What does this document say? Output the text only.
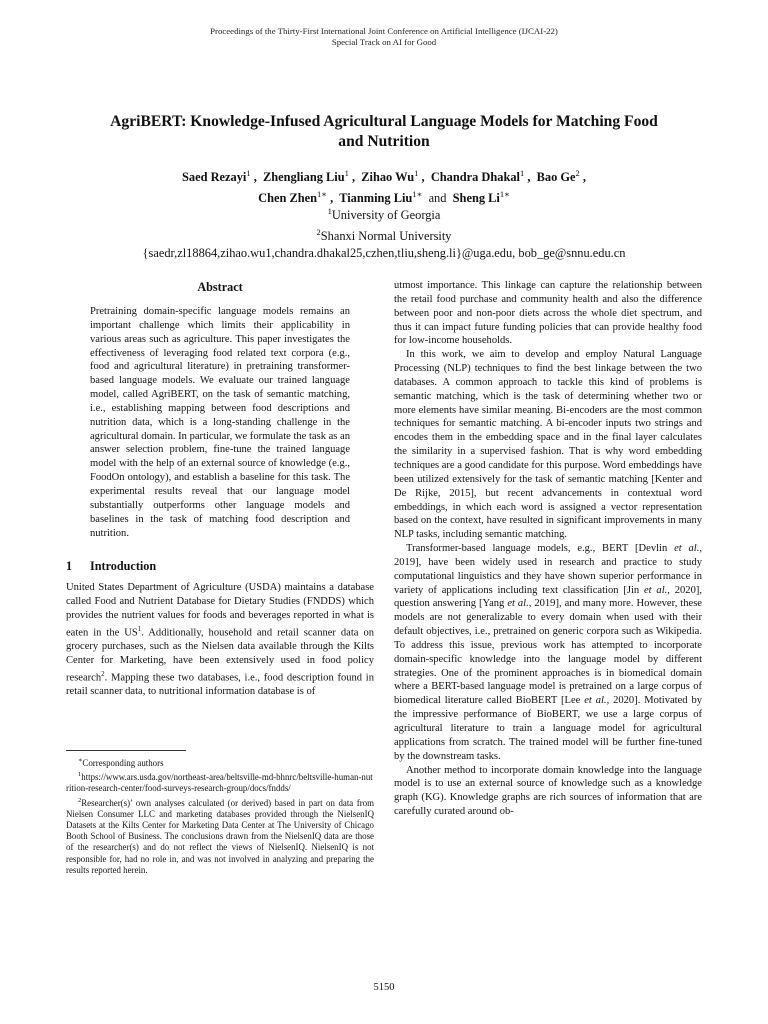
Proceedings of the Thirty-First International Joint Conference on Artificial Intelligence (IJCAI-22)
Special Track on AI for Good
AgriBERT: Knowledge-Infused Agricultural Language Models for Matching Food
and Nutrition
Saed Rezayi$^1$ ,  Zhengliang Liu$^1$ ,  Zihao Wu$^1$ ,  Chandra Dhakal$^1$ ,  Bao Ge$^2$ ,
Chen Zhen$^{1∗}$ ,  Tianming Liu$^{1∗}$ and Sheng $Li^{1∗}$
$^1$University of Georgia
$^2$Shanxi Normal University
{saedr,zl18864,zihao.wu1,chandra.dhakal25,czhen,tliu,sheng.li}@uga.edu, bob_ge@snnu.edu.cn
Abstract

Pretraining domain-specific language models remains an important challenge which limits their applicability in various areas such as agriculture. This paper investigates the effectiveness of leveraging food related text corpora (e.g., food and agricultural literature) in pretraining transformer-based language models. We evaluate our trained language model, called AgriBERT, on the task of semantic matching, i.e., establishing mapping between food descriptions and nutrition data, which is a long-standing challenge in the agricultural domain. In particular, we formulate the task as an answer selection problem, fine-tune the trained language model with the help of an external source of knowledge (e.g., FoodOn ontology), and establish a baseline for this task. The experimental results reveal that our language model substantially outperforms other language models and baselines in the task of matching food description and nutrition.

1 Introduction

United States Department of Agriculture (USDA) maintains a database called Food and Nutrient Database for Dietary Studies (FNDDS) which provides the nutrient values for foods and beverages reported in what is eaten in the $US^1$. Additionally, household and retail scanner data on grocery purchases, such as the Nielsen data available through the Kilts Center for Marketing, have been extensively used in food policy research$^2$. Mapping these two databases, i.e., food description found in retail scanner data, to nutritional information database is of

∗Corresponding authors

$^1$https://www.ars.usda.gov/northeast-area/beltsville-md-bhnrc/beltsville-human-nutrition-research-center/food-surveys-research-group/docs/fndds/

$^2$Researcher(s)’ own analyses calculated (or derived) based in part on data from Nielsen Consumer LLC and marketing databases provided through the NielsenIQ Datasets at the Kilts Center for Marketing Data Center at The University of Chicago Booth School of Business. The conclusions drawn from the NielsenIQ data are those of the researcher(s) and do not reflect the views of NielsenIQ. NielsenIQ is not responsible for, had no role in, and was not involved in analyzing and preparing the results reported herein.

utmost importance. This linkage can capture the relationship between the retail food purchase and community health and also the difference between poor and non-poor diets across the whole diet spectrum, and thus it can impact future funding policies that can provide healthy food for low-income households.

In this work, we aim to develop and employ Natural Language Processing (NLP) techniques to find the best linkage between the two databases. A common approach to tackle this kind of problems is semantic matching, which is the task of determining whether two or more elements have similar meaning. Bi-encoders are the most common techniques for semantic matching. A bi-encoder inputs two strings and encodes them in the embedding space and in the final layer calculates the similarity in a supervised fashion. That is why word embedding techniques are a good candidate for this purpose. Word embeddings have been utilized extensively for the task of semantic matching [Kenter and De Rijke, 2015], but recent advancements in contextual word embeddings, in which each word is assigned a vector representation based on the context, have resulted in significant improvements in many NLP tasks, including semantic matching.

Transformer-based language models, e.g., BERT [Devlin et al., 2019], have been widely used in research and practice to study computational linguistics and they have shown superior performance in variety of applications including text classification [Jin et al., 2020], question answering [Yang et al., 2019], and many more. However, these models are not generalizable to every domain when used with their default objectives, i.e., pretrained on generic corpora such as Wikipedia. To address this issue, previous work has attempted to incorporate domain-specific knowledge into the language model by different strategies. One of the prominent approaches is in biomedical domain where a BERT-based language model is pretrained on a large corpus of biomedical literature called BioBERT [Lee et al., 2020]. Motivated by the impressive performance of BioBERT, we use a large corpus of agricultural literature to train a language model for agricultural applications from scratch. The trained model will be further fine-tuned by the downstream tasks.

Another method to incorporate domain knowledge into the language model is to use an external source of knowledge such as a knowledge graph (KG). Knowledge graphs are rich sources of information that are carefully curated around ob-

5150
